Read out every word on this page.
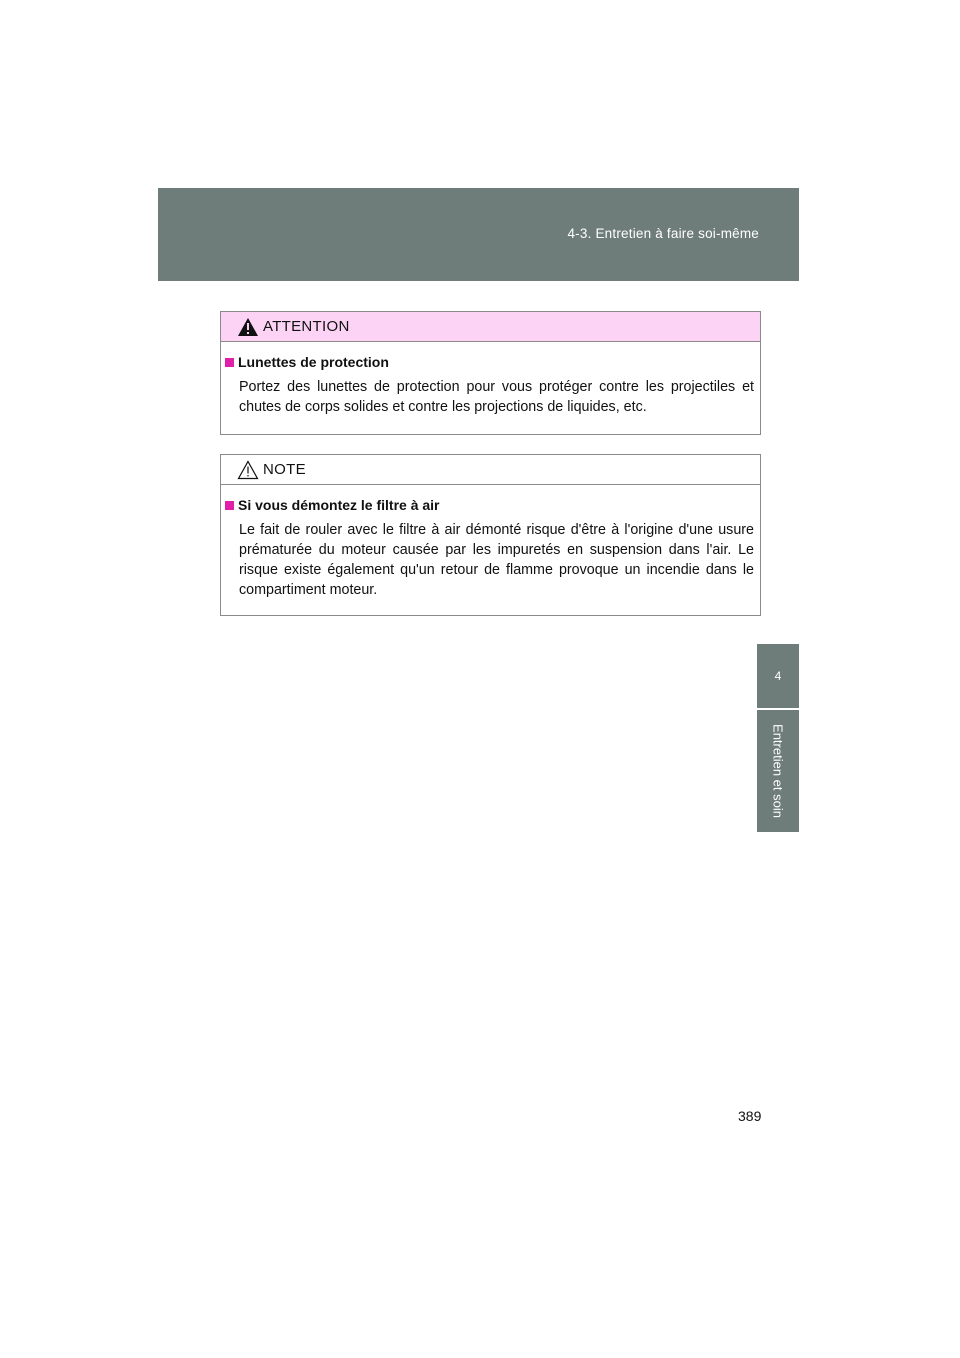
4-3. Entretien à faire soi-même
4
Entretien et soin
ATTENTION
Lunettes de protection
Portez des lunettes de protection pour vous protéger contre les projectiles et chutes de corps solides et contre les projections de liquides, etc.
NOTE
Si vous démontez le filtre à air
Le fait de rouler avec le filtre à air démonté risque d'être à l'origine d'une usure prématurée du moteur causée par les impuretés en suspension dans l'air. Le risque existe également qu'un retour de flamme provoque un incendie dans le compartiment moteur.
389
